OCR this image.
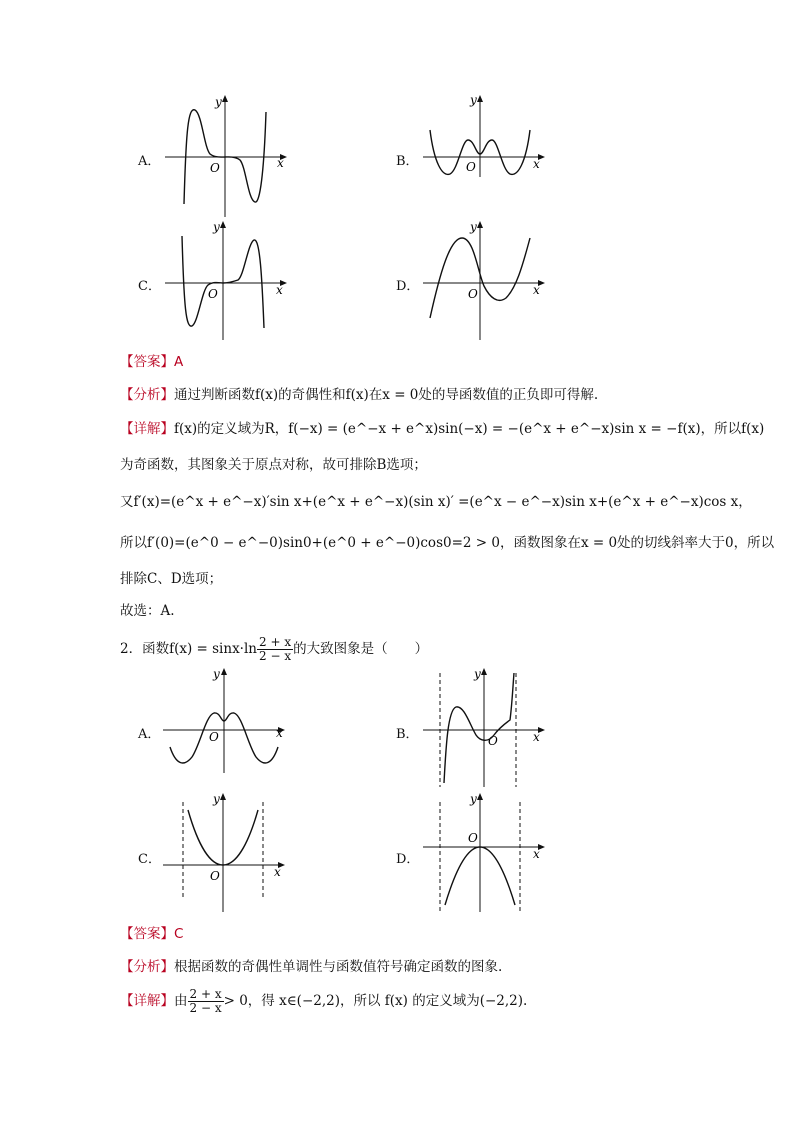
A．
y
x
O	B．
y
x
O
C．
y
x
O	D．
y
x
O
【答案】A
【分析】通过判断函数f(x)的奇偶性和f(x)在x = 0处的导函数值的正负即可得解.
【详解】f(x)的定义域为R，f(−x) = (e^−x + e^x)sin(−x) = −(e^x + e^−x)sin x = −f(x)，所以f(x)
为奇函数，其图象关于原点对称，故可排除B选项；
又f′(x)=(e^x + e^−x)′sin x+(e^x + e^−x)(sin x)′ =(e^x − e^−x)sin x+(e^x + e^−x)cos x，
所以f′(0)=(e^0 − e^−0)sin0+(e^0 + e^−0)cos0=2 > 0，函数图象在x = 0处的切线斜率大于0，所以
排除C、D选项；
故选：A.
2．函数$f(x) = \sin x\cdot\ln \frac{2 + x}{2 - x}$ 的大致图象是（　　）
A．
y
x
O	B．
y
x
O
C．
y
x
O
D．
y
x
O
【答案】C
【分析】根据函数的奇偶性单调性与函数值符号确定函数的图象.
【详解】由 $\frac{2 + x}{2 - x} > 0$，得 x∈(−2,2)，所以 f(x) 的定义域为(−2,2).
